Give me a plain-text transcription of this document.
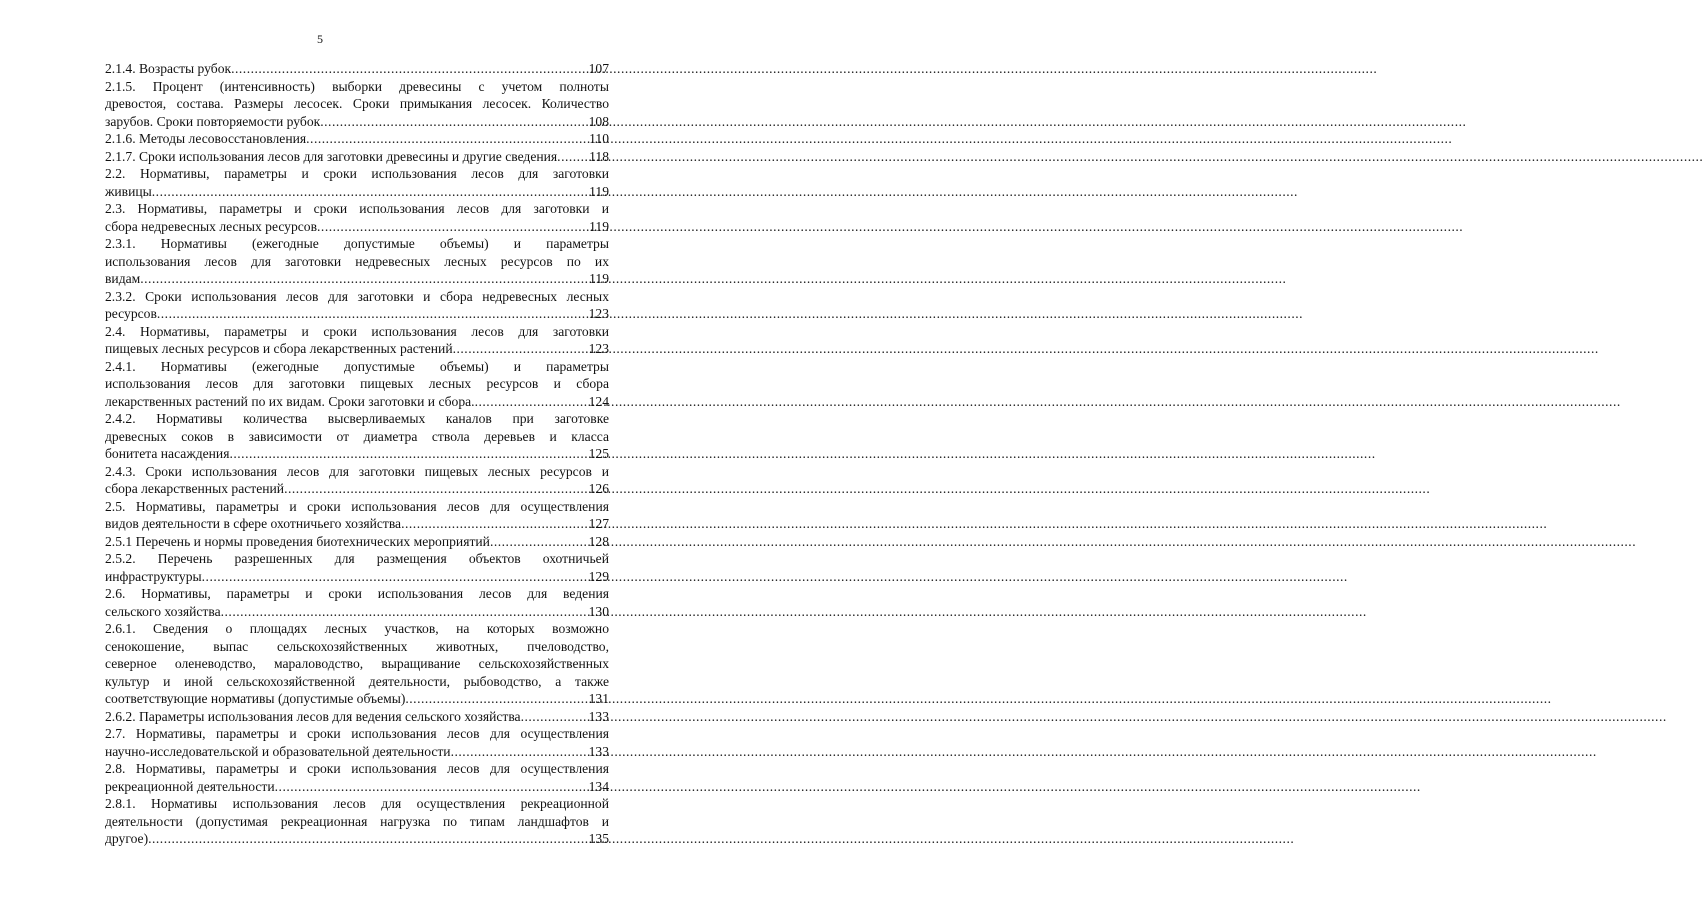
5
2.1.4. Возрасты рубок .....	107
2.1.5. Процент (интенсивность) выборки древесины с учетом полноты
древостоя, состава. Размеры лесосек. Сроки примыкания лесосек. Количество
зарубов. Сроки повторяемости рубок .....	108
2.1.6. Методы лесовосстановления .....	110
2.1.7. Сроки использования лесов для заготовки древесины и другие сведения ..... 118
2.2. Нормативы, параметры и сроки использования лесов для заготовки
живицы .....	119
2.3. Нормативы, параметры и сроки использования лесов для заготовки и
сбора недревесных лесных ресурсов .....	119
2.3.1. Нормативы (ежегодные допустимые объемы) и параметры
использования лесов для заготовки недревесных лесных ресурсов по их
видам .....	119
2.3.2. Сроки использования лесов для заготовки и сбора недревесных лесных
ресурсов .....	123
2.4. Нормативы, параметры и сроки использования лесов для заготовки
пищевых лесных ресурсов и сбора лекарственных растений .....	123
2.4.1. Нормативы (ежегодные допустимые объемы) и параметры
использования лесов для заготовки пищевых лесных ресурсов и сбора
лекарственных растений по их видам. Сроки заготовки и сбора. .....	124
2.4.2. Нормативы количества высверливаемых каналов при заготовке
древесных соков в зависимости от диаметра ствола деревьев и класса
бонитета насаждения .....	125
2.4.3. Сроки использования лесов для заготовки пищевых лесных ресурсов и
сбора лекарственных растений .....	126
2.5. Нормативы, параметры и сроки использования лесов для осуществления
видов деятельности в сфере охотничьего хозяйства .....	127
2.5.1 Перечень и нормы проведения биотехнических мероприятий .....	128
2.5.2. Перечень разрешенных для размещения объектов охотничьей
инфраструктуры .....	129
2.6. Нормативы, параметры и сроки использования лесов для ведения
сельского хозяйства .....	130
2.6.1. Сведения о площадях лесных участков, на которых возможно
сенокошение, выпас сельскохозяйственных животных, пчеловодство,
северное оленеводство, мараловодство, выращивание сельскохозяйственных
культур и иной сельскохозяйственной деятельности, рыбоводство, а также
соответствующие нормативы (допустимые объемы) .....	131
2.6.2. Параметры использования лесов для ведения сельского хозяйства .....	133
2.7. Нормативы, параметры и сроки использования лесов для осуществления
научно-исследовательской и образовательной деятельности .....	133
2.8. Нормативы, параметры и сроки использования лесов для осуществления
рекреационной деятельности .....	134
2.8.1. Нормативы использования лесов для осуществления рекреационной
деятельности (допустимая рекреационная нагрузка по типам ландшафтов и
другое) .....	135
